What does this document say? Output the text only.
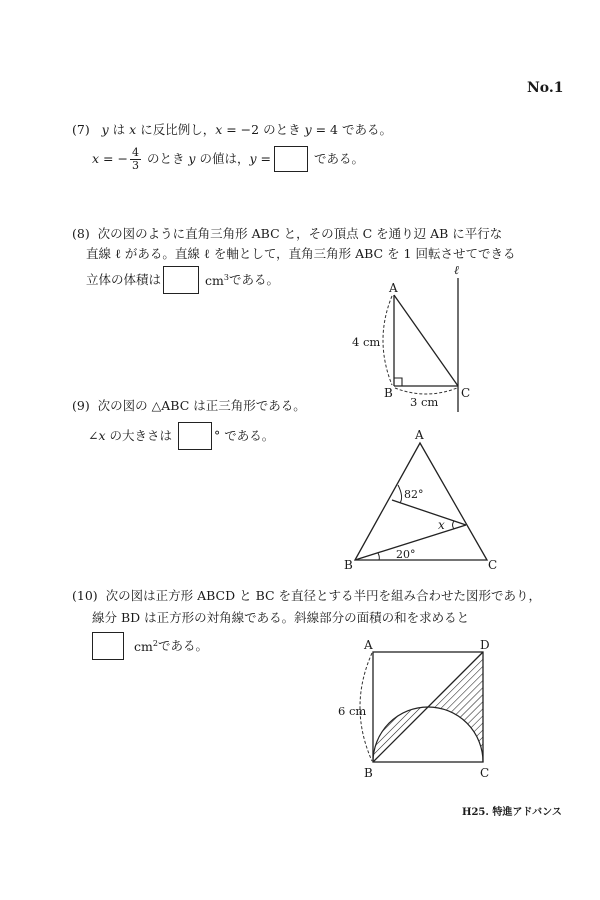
No.1
(7) y は x に反比例し，x = −2 のとき y = 4 である。
x = − $\frac{4}{3}$ のとき y の値は， y =	である。
(8) 次の図のように直角三角形 ABC と，その頂点 C を通り辺 AB に平行な
直線 ℓ がある。直線 ℓ を軸として，直角三角形 ABC を 1 回転させてできる
立体の体積は	$cm^3$ である。
ℓ
A
B	C
4 cm
3 cm
(9) 次の図の △ABC は正三角形である。
∠ x の大きさは	° である。	A
B	C
82°
x
20°
(10) 次の図は正方形 ABCD と BC を直径とする半円を組み合わせた図形であり，
線分 BD は正方形の対角線である。斜線部分の面積の和を求めると
$cm^2$ である。	A	D
B	C
6 cm
H25. 特進アドバンス
